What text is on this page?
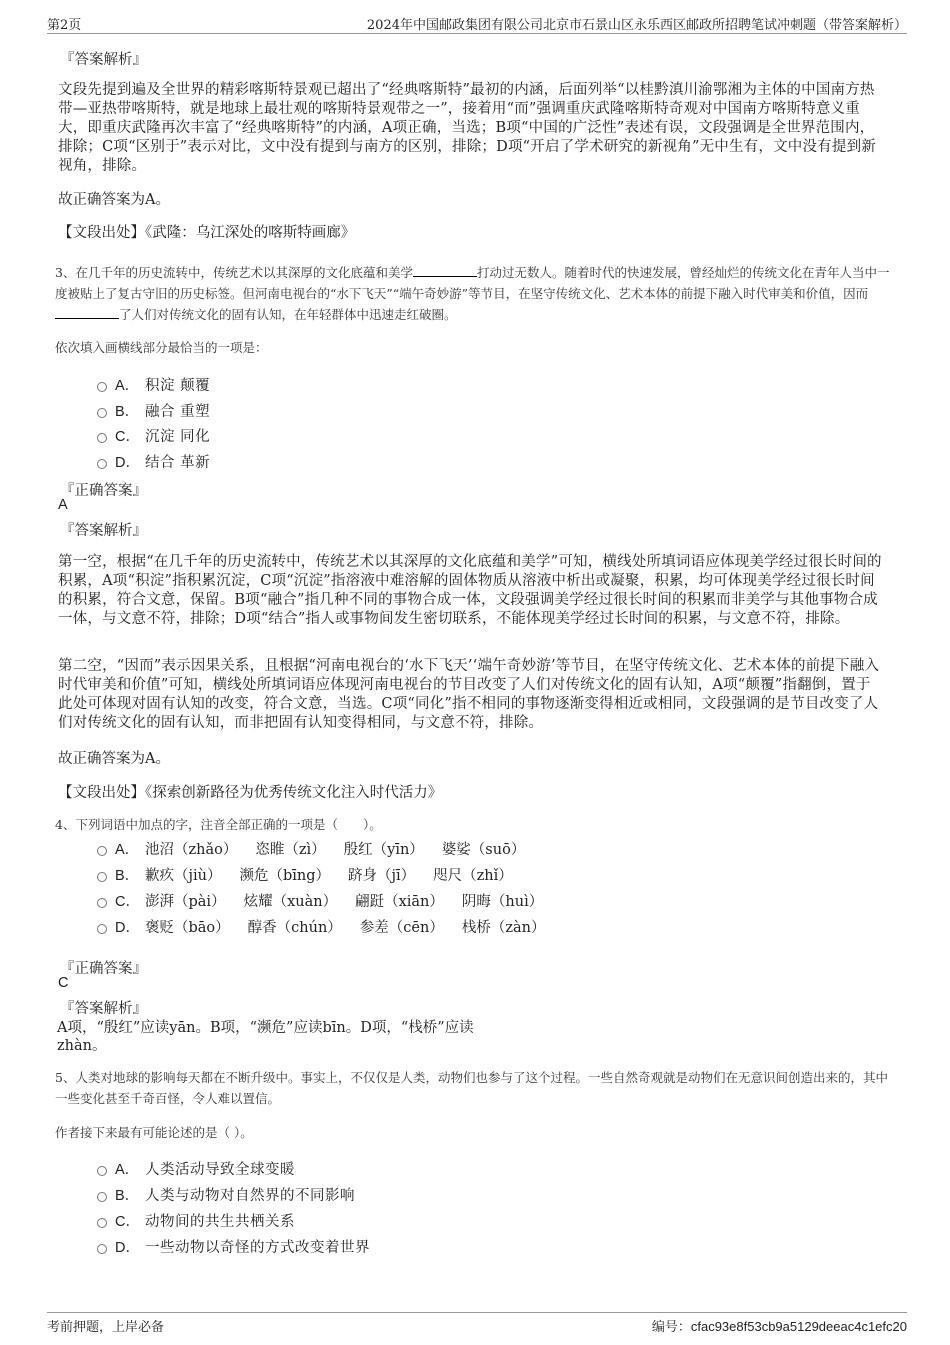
第2页	2024年中国邮政集团有限公司北京市石景山区永乐西区邮政所招聘笔试冲刺题（带答案解析）
『答案解析』
文段先提到遍及全世界的精彩喀斯特景观已超出了“经典喀斯特”最初的内涵，后面列举“以桂黔滇川渝鄂湘为主体的中国南方热带—亚热带喀斯特，就是地球上最壮观的喀斯特景观带之一”，接着用“而”强调重庆武隆喀斯特奇观对中国南方喀斯特意义重大，即重庆武隆再次丰富了“经典喀斯特”的内涵，A项正确，当选；B项“中国的广泛性”表述有误，文段强调是全世界范围内，排除；C项“区别于”表示对比，文中没有提到与南方的区别，排除；D项“开启了学术研究的新视角”无中生有，文中没有提到新视角，排除。
故正确答案为A。
【文段出处】《武隆：乌江深处的喀斯特画廊》
3、在几千年的历史流转中，传统艺术以其深厚的文化底蕴和美学	打动过无数人。随着时代的快速发展，曾经灿烂的传统文化在青年人当中一度被贴上了复古守旧的历史标签。但河南电视台的“水下飞天”“端午奇妙游”等节目，在坚守传统文化、艺术本体的前提下融入时代审美和价值，因而了人们对传统文化的固有认知，在年轻群体中迅速走红破圈。
依次填入画横线部分最恰当的一项是：
A． 积淀 颠覆
B． 融合 重塑
C． 沉淀 同化
D． 结合 革新
『正确答案』
A
『答案解析』
第一空，根据“在几千年的历史流转中，传统艺术以其深厚的文化底蕴和美学”可知，横线处所填词语应体现美学经过很长时间的积累，A项“积淀”指积累沉淀，C项“沉淀”指溶液中难溶解的固体物质从溶液中析出或凝聚，积累，均可体现美学经过很长时间的积累，符合文意，保留。B项“融合”指几种不同的事物合成一体，文段强调美学经过很长时间的积累而非美学与其他事物合成一体，与文意不符，排除；D项“结合”指人或事物间发生密切联系，不能体现美学经过长时间的积累，与文意不符，排除。
第二空，“因而”表示因果关系，且根据“河南电视台的‘水下飞天’‘端午奇妙游’等节目，在坚守传统文化、艺术本体的前提下融入时代审美和价值”可知，横线处所填词语应体现河南电视台的节目改变了人们对传统文化的固有认知，A项“颠覆”指翻倒，置于此处可体现对固有认知的改变，符合文意，当选。C项“同化”指不相同的事物逐渐变得相近或相同，文段强调的是节目改变了人们对传统文化的固有认知，而非把固有认知变得相同，与文意不符，排除。
故正确答案为A。
【文段出处】《探索创新路径为优秀传统文化注入时代活力》
4、下列词语中加点的字，注音全部正确的一项是（　　）。
A． 池沼（zhǎo） 恣睢（zì） 殷红（yīn） 婆娑（suō）
B． 歉疚（jiù） 濒危（bīng） 跻身（jī） 咫尺（zhǐ）
C． 澎湃（pài） 炫耀（xuàn） 翩跹（xiān） 阴晦（huì）
D． 褒贬（bāo） 醇香（chún） 参差（cēn） 栈桥（zàn）
『正确答案』
C
『答案解析』
A项，“殷红”应读yān。B项，“濒危”应读bīn。D项，“栈桥”应读
zhàn。
5、人类对地球的影响每天都在不断升级中。事实上，不仅仅是人类，动物们也参与了这个过程。一些自然奇观就是动物们在无意识间创造出来的，其中一些变化甚至千奇百怪，令人难以置信。
作者接下来最有可能论述的是（ ）。
A． 人类活动导致全球变暖
B． 人类与动物对自然界的不同影响
C． 动物间的共生共栖关系
D． 一些动物以奇怪的方式改变着世界
考前押题，上岸必备	编号：cfac93e8f53cb9a5129deeac4c1efc20
